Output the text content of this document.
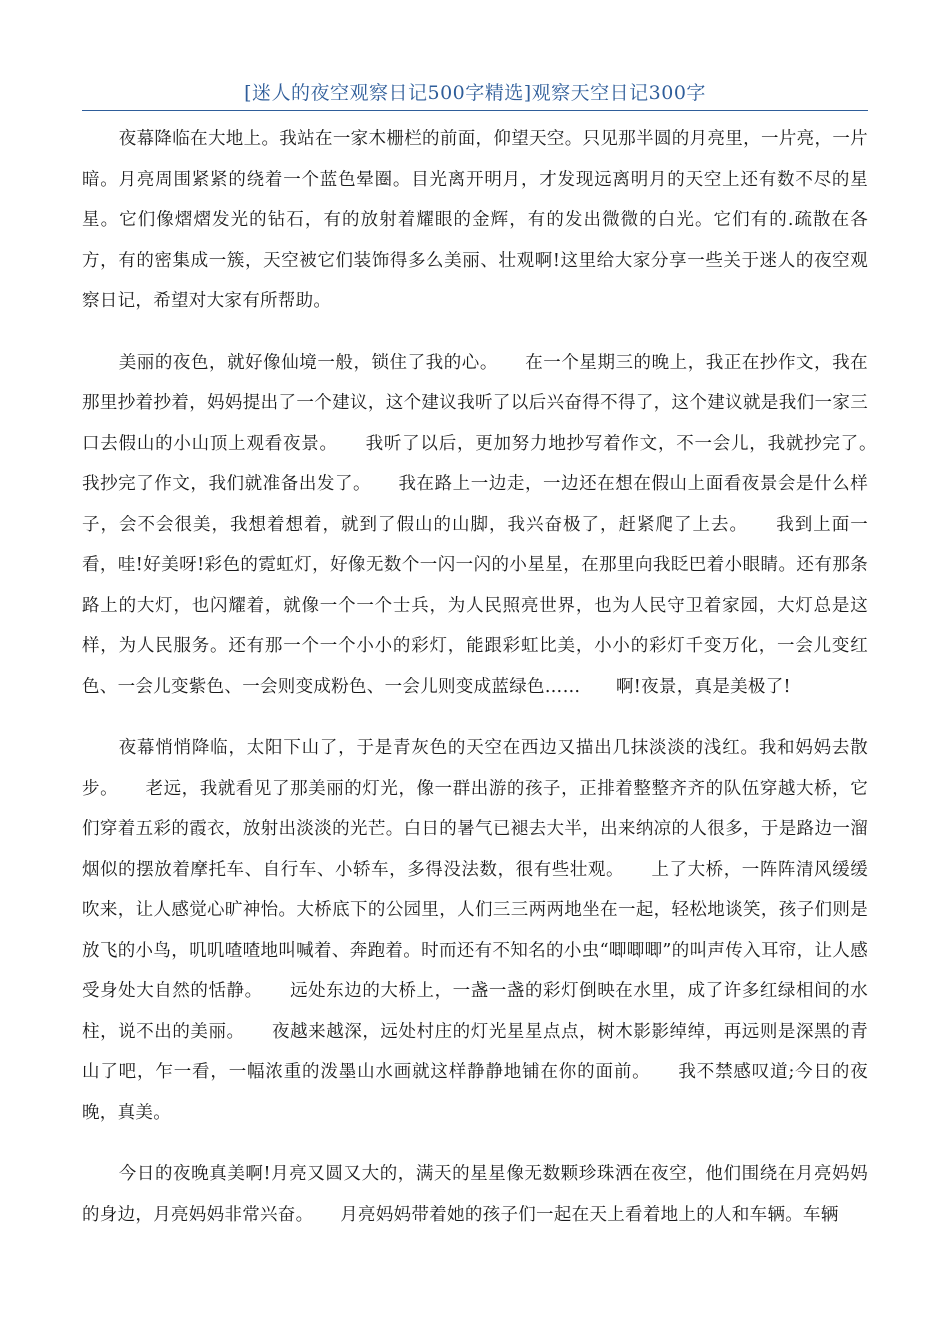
[迷人的夜空观察日记500字精选]观察天空日记300字

夜幕降临在大地上。我站在一家木栅栏的前面，仰望天空。只见那半圆的月亮里，一片亮，一片暗。月亮周围紧紧的绕着一个蓝色晕圈。目光离开明月，才发现远离明月的天空上还有数不尽的星星。它们像熠熠发光的钻石，有的放射着耀眼的金辉，有的发出微微的白光。它们有的.疏散在各方，有的密集成一簇，天空被它们装饰得多么美丽、壮观啊!这里给大家分享一些关于迷人的夜空观察日记，希望对大家有所帮助。

美丽的夜色，就好像仙境一般，锁住了我的心。　　在一个星期三的晚上，我正在抄作文，我在那里抄着抄着，妈妈提出了一个建议，这个建议我听了以后兴奋得不得了，这个建议就是我们一家三口去假山的小山顶上观看夜景。　　我听了以后，更加努力地抄写着作文，不一会儿，我就抄完了。　　我抄完了作文，我们就准备出发了。　　我在路上一边走，一边还在想在假山上面看夜景会是什么样子，会不会很美，我想着想着，就到了假山的山脚，我兴奋极了，赶紧爬了上去。　　我到上面一看，哇!好美呀!彩色的霓虹灯，好像无数个一闪一闪的小星星，在那里向我眨巴着小眼睛。还有那条路上的大灯，也闪耀着，就像一个一个士兵，为人民照亮世界，也为人民守卫着家园，大灯总是这样，为人民服务。还有那一个一个小小的彩灯，能跟彩虹比美，小小的彩灯千变万化，一会儿变红色、一会儿变紫色、一会则变成粉色、一会儿则变成蓝绿色……　　啊!夜景，真是美极了!

夜幕悄悄降临，太阳下山了，于是青灰色的天空在西边又描出几抹淡淡的浅红。我和妈妈去散步。　　老远，我就看见了那美丽的灯光，像一群出游的孩子，正排着整整齐齐的队伍穿越大桥，它们穿着五彩的霞衣，放射出淡淡的光芒。白日的暑气已褪去大半，出来纳凉的人很多，于是路边一溜烟似的摆放着摩托车、自行车、小轿车，多得没法数，很有些壮观。　　上了大桥，一阵阵清风缓缓吹来，让人感觉心旷神怡。大桥底下的公园里，人们三三两两地坐在一起，轻松地谈笑，孩子们则是放飞的小鸟，叽叽喳喳地叫喊着、奔跑着。时而还有不知名的小虫“唧唧唧”的叫声传入耳帘，让人感受身处大自然的恬静。　　远处东边的大桥上，一盏一盏的彩灯倒映在水里，成了许多红绿相间的水柱，说不出的美丽。　　夜越来越深，远处村庄的灯光星星点点，树木影影绰绰，再远则是深黑的青山了吧，乍一看，一幅浓重的泼墨山水画就这样静静地铺在你的面前。　　我不禁感叹道;今日的夜晚，真美。

今日的夜晚真美啊!月亮又圆又大的，满天的星星像无数颗珍珠洒在夜空，他们围绕在月亮妈妈的身边，月亮妈妈非常兴奋。　　月亮妈妈带着她的孩子们一起在天上看着地上的人和车辆。车辆
